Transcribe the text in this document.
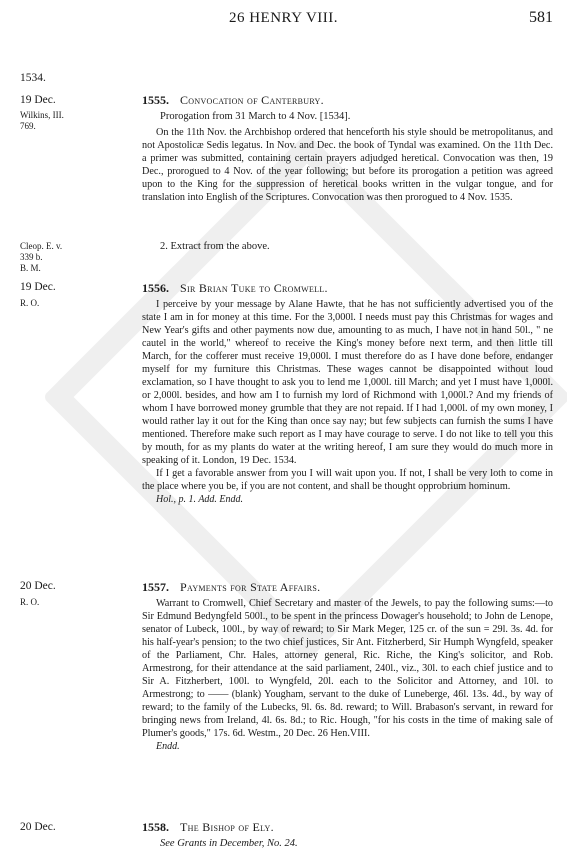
26 HENRY VIII.	581
1534.
19 Dec.
Wilkins, III.
769.
1555. Convocation of Canterbury.
Prorogation from 31 March to 4 Nov. [1534].

On the 11th Nov. the Archbishop ordered that henceforth his style should be metropolitanus, and not Apostolicæ Sedis legatus. In Nov. and Dec. the book of Tyndal was examined. On the 11th Dec. a primer was submitted, containing certain prayers adjudged heretical. Convocation was then, 19 Dec., prorogued to 4 Nov. of the year following; but before its prorogation a petition was agreed upon to the King for the suppression of heretical books written in the vulgar tongue, and for translation into English of the Scriptures. Convocation was then prorogued to 4 Nov. 1535.

Cleop. E. v.
339 b.
B. M.
2. Extract from the above.
19 Dec.
R. O.
1556. Sir Brian Tuke to Cromwell.

I perceive by your message by Alane Hawte, that he has not sufficiently advertised you of the state I am in for money at this time. For the 3,000l. I needs must pay this Christmas for wages and New Year's gifts and other payments now due, amounting to as much, I have not in hand 50l., " ne cautel in the world," whereof to receive the King's money before next term, and then little till March, for the cofferer must receive 19,000l. I must therefore do as I have done before, endanger myself for my furniture this Christmas. These wages cannot be disappointed without loud exclamation, so I have thought to ask you to lend me 1,000l. till March; and yet I must have 1,000l. or 2,000l. besides, and how am I to furnish my lord of Richmond with 1,000l.? And my friends of whom I have borrowed money grumble that they are not repaid. If I had 1,000l. of my own money, I would rather lay it out for the King than once say nay; but few subjects can furnish the sums I have mentioned. Therefore make such report as I may have courage to serve. I do not like to tell you this by mouth, for as my plants do water at the writing hereof, I am sure they would do much more in speaking of it. London, 19 Dec. 1534.

If I get a favorable answer from you I will wait upon you. If not, I shall be very loth to come in the place where you be, if you are not content, and shall be thought opprobrium hominum.

Hol., p. 1. Add. Endd.

20 Dec.
R. O.
1557. Payments for State Affairs.

Warrant to Cromwell, Chief Secretary and master of the Jewels, to pay the following sums:—to Sir Edmund Bedyngfeld 500l., to be spent in the princess Dowager's household; to John de Lenope, senator of Lubeck, 100l., by way of reward; to Sir Mark Meger, 125 cr. of the sun = 29l. 3s. 4d. for his half-year's pension; to the two chief justices, Sir Ant. Fitzherberd, Sir Humph Wyngfeld, speaker of the Parliament, Chr. Hales, attorney general, Ric. Riche, the King's solicitor, and Rob. Armestrong, for their attendance at the said parliament, 240l., viz., 30l. to each chief justice and to Sir A. Fitzherbert, 100l. to Wyngfeld, 20l. each to the Solicitor and Attorney, and 10l. to Armestrong; to —— (blank) Yougham, servant to the duke of Luneberge, 46l. 13s. 4d., by way of reward; to the family of the Lubecks, 9l. 6s. 8d. reward; to Will. Brabason's servant, in reward for bringing news from Ireland, 4l. 6s. 8d.; to Ric. Hough, "for his costs in the time of making sale of Plumer's goods," 17s. 6d. Westm., 20 Dec. 26 Hen.VIII.

Endd.

20 Dec.	1558. The Bishop of Ely.
See Grants in December, No. 24.
